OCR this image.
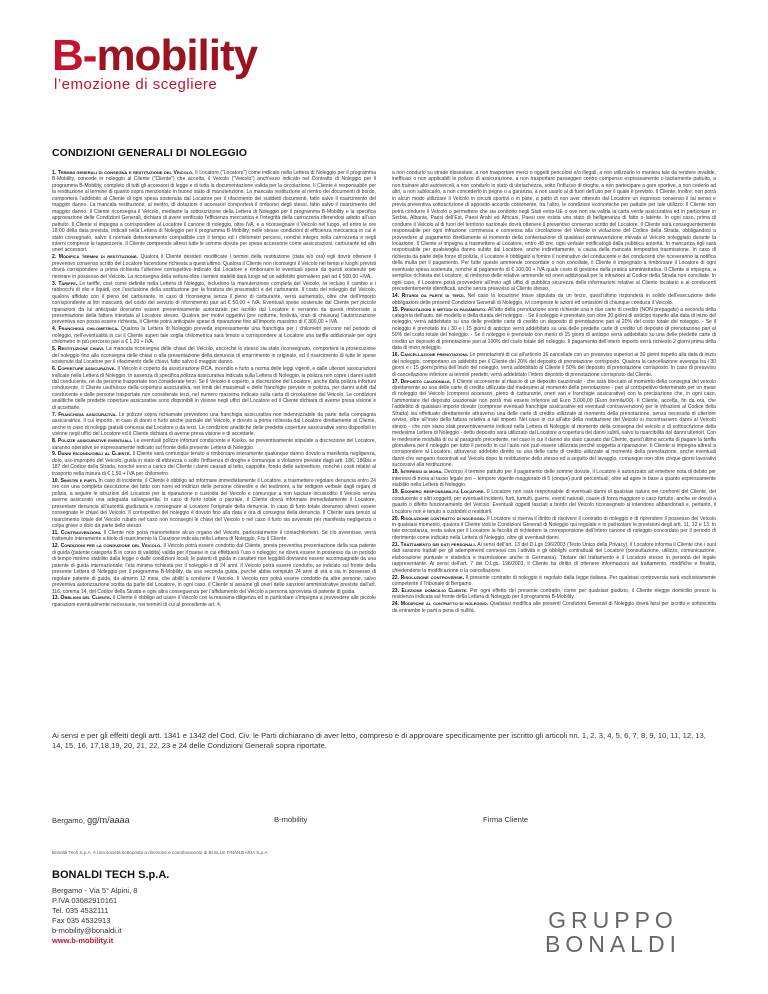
B-mobility
l’emozione di scegliere
CONDIZIONI GENERALI DI NOLEGGIO

1. Termini generali di consegna e restituzione del Veicolo. Il Locatore (“Locatore”) come indicato nella Lettera di Noleggio per il programma B-Mobility, concede in noleggio al Cliente (“Cliente”) che accetta, il Veicolo (“Veicolo”) anch’esso indicato nel Contratto di Noleggio per il programma B-Mobility, completo di tutti gli accessori di legge e di tutta la documentazione valida per la circolazione. Il Cliente è responsabile per la restituzione al termine di quanto sopra menzionato in buono stato di manutenzione. La mancata restituzione al rientro dei documenti di bordo, comporterà l’addebito al Cliente di ogni spesa sostenuta dal Locatore per il rifacimento dei suddetti documenti, fatto salvo il risarcimento del maggior danno. La mancata restituzione, al rientro, di dotazioni o accessori comporterà il rimborso degli stessi, fatto salvo il risarcimento del maggior danno. Il Cliente riconsegna il Veicolo, mediante la sottoscrizione della Lettera di Noleggio per il programma B-Mobility e la specifica approvazione delle Condizioni Generali, dichiara di avere verificato l’efficienza meccanica e l’integrità della carrozzeria riferendosi adatto all’uso pattuito. Il Cliente si impegna a corrispondere al Locatore il canone di noleggio, oltre IVA, e a riconsegnare il Veicolo nel luogo, ed entro le ore 18:00 della data prevista, indicati nella Lettera di Noleggio per il programma B-Mobility, nelle stesse condizioni di efficienza meccanica in cui è stato consegnato, salvo il normale deterioramento compatibile con il tempo ed i chilometri percorsi, nonché integro nella carrozzeria e negli interni comprese le tappezzerie. Il Cliente comprende altresì tutte le somme dovute per spese accessorie come assicurazioni, carburante ed altri oneri accessori.

2. Modifica termini di restituzione. Qualora il Cliente desideri modificare i termini della restituzione (data e/o ora) egli dovrà ottenere il preventivo consenso scritto del Locatore facendone richiesta a quest’ultimo. Qualora il Cliente non riconsegni il Veicolo nei tempi e luoghi previsti dovrà corrispondere a prima richiesta l’ulteriore corrispettivo indicato dal Locatore e rimborsare le eventuali spese da questi sostenute per rientrare in possesso del Veicolo. La riconsegna della vettura oltre i termini stabiliti darà luogo ad un addebito giornaliero pari ad € 500,00 +IVA.

3. Tariffe. Le tariffe, così come definite nella Lettera di Noleggio, includono la manutenzione completa del Veicolo, ivi incluso il cambio e i rabbocchi di olio e liquidi, con l’esclusione della sostituzione per la foratura dei pneumatici e del carburante. Il costo del noleggio del Veicolo, qualora affidato con il pieno del carburante, in caso di riconsegna senza il pieno di carburante, verrà aumentato, oltre che dell’importo corrispondente ai litri mancanti, del costo del servizio di rifornimento pari ad € 50,00 + IVA. Eventuali spese sostenute dal Cliente per piccole riparazioni da lui anticipate dovranno essere preventivamente autorizzate per iscritto dal Locatore e verranno da questi rimborsate a presentazione della fattura intestata al Locatore stesso. Qualora per motivi oggettivi (ore notturne, festività, orari di chiusura) l’autorizzazione preventiva non possa essere richiesta, il Cliente potrà anticipare spese di riparazione fino all’importo massimo di € 300,00 + IVA.

4. Franchigia chilometrica. Qualora la Lettera di Noleggio preveda espressamente una franchigia per i chilometri percorsi nel periodo di noleggio, nell’eventualità in cui il Cliente superi tale soglia chilometrica sarà tenuto a corrispondere al Locatore una tariffa addizionale per ogni chilometro in più percorso pari a € 1,20 + IVA.

5. Restituzione chiavi. La mancata riconsegna delle chiavi del Veicolo, ancorché lo stesso sia stato riconsegnato, comporterà la prosecuzione del noleggio fino alla riconsegna delle chiavi o alla presentazione della denuncia di smarrimento in originale, ed il risarcimento di tutte le spese sostenute dal Locatore per il rifacimento delle chiavi, fatto salvo il maggior danno.

6. Coperture assicurative. Il Veicolo è coperto da assicurazione RCA, incendio e furto a norma delle leggi vigenti, e dalle ulteriori assicurazioni indicate nella Lettera di Noleggio. In assenza di specifica polizza assicurativa indicata sulla Lettera di Noleggio, la polizza non copre i danni subiti dal conducente, né da persone trasportate non considerate terzi. Se il Veicolo è coperto, a discrezione del Locatore, anche dalla polizza infortuni conducente, il Cliente usufruisce della copertura assicurativa, nei limiti dei massimali e delle franchigie previste in polizza, per danni subiti dal conducente e dalle persone trasportate non considerate terzi, nel numero massimo indicato sulla carta di circolazione del Veicolo. Le condizioni analitiche delle predette coperture assicurative sono disponibili in visione negli uffici del Locatore ed il Cliente dichiara di averne presa visione e di accettarle.

7. Franchigia assicurativa. Le polizze sopra richiamate prevedono una franchigia assicurativa non indennizzabile da parte della compagnia assicuratrice, il cui importo, in caso di danni o furto anche parziale del Veicolo, è dovuto a prima richiesta dal Locatore direttamente al Cliente, anche in caso di noleggi gratuiti concessi dal Locatore o da terzi. Le condizioni analitiche delle predette coperture assicurative sono disponibili in visione negli uffici del Locatore ed il Cliente dichiara di averne presa visione e di accettarle.

8. Polizze assicurative eventuali. Le eventuali polizze infortuni conducente e Kasko, se preventivamente stipulate a discrezione del Locatore, saranno operative se espressamente indicato sul fronte della presente Lettera di Noleggio.

9. Danni riconducibili al Cliente. Il Cliente sarà comunque tenuto a rimborsare interamente qualunque danno dovuto a manifesta negligenza, dolo, uso improprio del Veicolo, guida in stato di ebbrezza o sotto l’influenza di droghe e comunque a violazioni previste dagli artt. 186, 186bis e 187 del Codice della Strada, nonché sono a carico del Cliente i danni causati al tetto, cappotte, fondo delle autovetture, nonché i costi relativi al trasporto nella misura di € 1,50 + IVA per chilometro.

10. Sinistri e furti. In caso di incidente, il Cliente è obbligo ad informare immediatamente il Locatore, a trasmettere regolare denuncia entro 24 ore con una completa descrizione del fatto con nomi ed indirizzi delle persone coinvolte e dei testimoni, a far redigere verbale dagli organi di polizia, a seguire le istruzioni del Locatore per la riparazione o custodia del Veicolo e comunque a non lasciare incustodito il Veicolo senza averne assicurato una adeguata salvaguardia. In caso di furto totale o parziale, il Cliente dovrà informare immediatamente il Locatore, presentare denuncia all’autorità giudiziaria e consegnare al Locatore l’originale della denuncia. In caso di furto totale dovranno altresì essere consegnate le chiavi del Veicolo. Il corrispettivo del noleggio è dovuto fino alla data e ora di consegna della denuncia. Il Cliente sarà tenuto al risarcimento totale del Veicolo rubato nel caso non riconsegni le chiavi del Veicolo o nel caso il furto sia avvenuto per manifesta negligenza o colpa grave o dolo da parte dello stesso.

11. Contravvenzioni. Il Cliente non potrà manomettere alcun organo del Veicolo, particolarmente il contachilometri. Se ciò avvenisse, verrà trattenuto interamente a titolo di risarcimento la Cauzione indicata nella Lettera di Noleggio, F.to il Cliente

12. Condizioni per la conduzione del Veicolo. Il Veicolo potrà essere condotto dal Cliente, previa preventiva presentazione della sua patente di guida (patente categoria B in corso di validità) valida per il paese in cui effettuerà l’uso o noleggio; ne dovrà essere in possesso da un periodo di tempo minimo stabilito dalla legge o dalle condizioni locali; le patenti di guida in caratteri non leggibili dovranno essere accompagnate da una patente di guida internazionale; l’età minima richiesta per il noleggio è di 24 anni. Il Veicolo potrà essere condotto, se indicato sul fronte della presente Lettera di Noleggio per il programma B-Mobility, da una seconda guida, purché abbia compiuto 24 anni di età e sia in possesso di regolare patente di guida, da almeno 12 mesi, che abiliti a condurre il Veicolo. Il Veicolo non potrà essere condotto da altre persone, salvo preventiva autorizzazione scritta da parte del Locatore, in ogni caso, il Cliente si assume gli oneri delle sanzioni amministrative previste dall’art. 116, comma 14, del Codice della Strada e ogni altra conseguenza per l’affidamento del Veicolo a persona sprovvista di patente di guida.

13. Obblighi del Cliente. Il Cliente è obbligo ad usare il Veicolo con la massima diligenza ed in particolare s’impegna a provvedere alle piccole riparazioni eventualmente necessarie, nei termini di cui al precedente art. 4,

a non condurlo su strade dissestate, a non trasportare merci o oggetti pericolosi e/o illegali, a non utilizzarlo in maniera tale da rendere invalide, inefficaci o non applicabili le polizze di assicurazione, a non trasportare passeggeri contro compenso espressamente o tacitamente pattuito, a non trainare altri autoveicoli, a non condurlo in stato di ubriachezza, sotto l’influsso di droghe, a non partecipare a gare sportive, a non cederlo ad altri, a non sublocarlo, a non concederlo in pegno o a garanzia, a non usarlo al di fuori dell’uso per il quale è previsto. Il Cliente, inoltre, non potrà in alcun modo utilizzare il Veicolo in circuiti sportivi o in piste, a patto di non aver ottenuto dal Locatore un espresso consenso il tal senso e previa preventiva sottoscrizione di apposito accordo contenente, tra l’altro, le condizioni economiche per pattuite per tale utilizzo. Il Cliente non potrà condurre il Veicolo o permettere che sia condotto negli Stati extra-UE o ove non sia valida la carta verde assicurativa ed in particolare in Serbia, Albania, Paesi dell’Est, Paesi Arabi ed Africani, Paesi ove esista uno stato di belligeranza di fatto o latente. In ogni caso, prima di condurre il Veicolo al di fuori del territorio nazionale dovrà ottenere il preventivo consenso scritto del Locatore. Il Cliente sarà conseguentemente responsabile per ogni infrazione commessa e connessa alla circolazione del Veicolo in violazione del Codice della Strada, obbligandosi a provvedere al pagamento direttamente al momento della contestazione di qualsiasi contravvenzione elevata al Veicolo noleggiato durante la locazione. Il Cliente si impegna a trasmettere al Locatore, entro 48 ore, ogni verbale notificatogli dalla pubblica autorità. In mancanza egli sarà responsabile per qualsivoglia danno subito dal Locatore, anche indirettamente, a causa della mancata tempestiva trasmissione. In caso di richiesta da parte delle forze di polizia, il Locatore è obbligato a fornire il nominativo del conducente e dei conducenti che riceveranno la notifica della multa per il pagamento. Per tutte queste ammende concordate o non conciliate, il Cliente è impegnato a rimborsare il Locatore di ogni eventuale spesa sostenuta, nonché al pagamento di € 100,00 + IVA quale costo di gestione della pratica amministrativa. Il Cliente si impegna, a semplice richiesta del Locatore, al rimborso delle relative ammende ed oneri addizionali per le infrazioni al Codice della Strada non conciliate. In ogni caso, il Locatore potrà provvedere all’invio agli uffici di pubblica sicurezza delle informazioni relative al Cliente locatario e ai conducenti precedentemente identificati, anche senza preavviso al Cliente stesso.

14. Ritardi da parte di terzi. Nel caso la locazione fosse stipulata da un terzo, quest’ultimo risponderà in solido dell’esecuzione delle obbligazioni delle presenti Condizioni Generali di Noleggio, ivi comprese le azioni ed omissioni di chiunque conduca il Veicolo.

15. Prenotazioni e metodi di pagamento. All’atto della prenotazione sono richieste una o due carte di credito (NON prepagate) a seconda della categoria dell’auto, del modello e della durata del noleggio. - Se il noleggio è prenotato con oltre 30 giorni di anticipo rispetto alla data di inizio del noleggio, verrà addebitato su una delle predette carte di credito un deposito di prenotazione pari al 20% del costo totale del noleggio. - Se il noleggio è prenotato tra i 30 e i 15 giorni di anticipo verrà addebitato su una delle predette carte di credito un deposito di prenotazione pari al 50% del costo totale del noleggio. - Se il noleggio è prenotato con meno di 15 giorni di anticipo verrà addebitato su una delle predette carte di credito un deposito di prenotazione pari al 100% del costo totale del noleggio. Il pagamento dell’intero importo verrà richiesto 2 giorni prima della data di inizio noleggio.

16. Cancellazione prenotazioni. Le prenotazioni di cui all’articolo 16 cancellate con un preavviso superiori ai 30 giorni rispetto alla data di inizio del noleggio, comportano un addebito per il Cliente del 20% del deposito di prenotazione corrisposto. Qualora la cancellazione avvenga tra i 30 giorni e i 15 giorni prima dell’inizio del noleggio, verrà addebitato al Cliente il 50% del deposito di prenotazione corrisposto. In caso di preavviso di cancellazione inferiore ai termini predetti, verrà addebitato l’intero deposito di prenotazione corrisposto dal Cliente.

17. Deposito cauzionale. Il Cliente acconsente al rilascio di un deposito cauzionale - che sarà bloccato al momento della consegna del veicolo direttamente su una delle carte di credito utilizzate dal medesimo al momento della prenotazione - pari al corrispettivo determinato per un mese di noleggio del Veicolo (compresi accessori, pieno di carburante, oneri vari e franchigie assicurative) con la precisazione che, in ogni caso, l’ammontare del deposito cauzionale non potrà mai essere inferiore ad Euro 3.000,00 (Euro tremila/00). Il Cliente, accetta, fin da ora, che l’addebito di qualsiasi importo dovuto (comprese eventuali franchigie assicurative ed eventuali contravvenzioni) per le infrazioni al Codice della Strada) sia effettuato direttamente attraverso una delle carte di credito utilizzate al momento della prenotazione, senza necessità di ulteriore avviso, oltre all’invio della fattura relativa a tali importi. Nel caso in cui all’atto della restituzione del Veicolo si riscontrassero danni al Veicolo stesso - che non siano stati preventivamente indicati nella Lettera di Noleggio al momento della consegna del veicolo e di sottoscrizione della medesima Lettera di Noleggio - detto deposito sarà utilizzato dal Locatore a copertura dei danni subiti, salvo la risarcibilità del danni ulteriori. Con le medesime modalità di cu al paragrafo precedente, nel caso in cui il danno sia stato causato dal Cliente, quest’ultimo accetta di pagare la tariffa giornaliera per il noleggio per tutto il periodo in cui l’auto non può essere utilizzata perché soggetta a riparazione. Il Cliente si impegna altresì a corrispondere al Locatore, attraverso addebito diretto su una delle carte di credito utilizzate al momento della prenotazione, anche eventuali danni che vengano riscontrati sul Veicolo dopo la restituzione dello stesso ed a seguito del lavaggio, comunque non oltre cinque giorni lavorativi successivi alla restituzione.

18. Interessi di mora. Decorso il termine pattuito per il pagamento delle somme dovute, il Locatore è autorizzato ad emettere nota di debito per interessi di mora al tasso legale pro – tempore vigente maggiorato di 5 (cinque) punti percentuali, oltre ad agire in base a quanto espressamente stabilito nella Lettera di Noleggio.

19. Esonero responsabilità Locatore. Il Locatore non sarà responsabile di eventuali danni di qualsiasi natura nei confronti del Cliente, del conducente o altri soggetti, per eventuali incidenti, furti, tumulti, guerre, eventi naturali, cause di forza maggiore o caso fortuito, anche se dovuti a guasto o difetto funzionamento del Veicolo. Eventuali oggetti lasciati a bordo del Veicolo riconsegnato si intendono abbandonati e, pertanto, il Locatore non è tenuto a custodirli o restituirli.

20. Risoluzione contratto di noleggio. Il Locatore si riserva il diritto di risolvere il contratto di noleggio e di riprendere il possesso del Veicolo in qualsiasi momento, qualora il Cliente violi le Condizioni Generali di Noleggio qui regolate e in particolare le previsioni degli artt. 11, 12 e 13. In tale circostanza, resta salva per il Locatore la facoltà di richiedere la corresponsione dell’intero canone di noleggio concordato per il periodo di riferimento come indicato nella Lettera di Noleggio, oltre gli eventuali danni.

21. Trattamento dei dati personali. Ai sensi dell’art. 13 del D.Lgs 196/2003 (Testo Unico della Privacy), il Locatore informa il Cliente che i suoi dati saranno trattati per gli adempimenti connessi con l’attività e gli obblighi contrattuali del Locatore (consultazione, utilizzo, comunicazione, elaborazione puntuale e statistica e trasmissione anche in Germania). Titolare del trattamento è il Locatore stesso in persona del legale rappresentante. Ai sensi dell’art. 7 del D.Lgs. 196/2003, il Cliente ha diritto di ottenere informazioni sul trattamento, modifiche e finalità, chiedendone la modificazione o la cancellazione.

22. Risoluzione controversie. Il presente contratto di noleggio è regolato dalla legge italiana. Per qualsiasi controversia sarà esclusivamente competente il Tribunale di Bergamo.

23. Elezione domicilio Cliente. Per ogni effetto del presente contratto, come per qualsiasi giudizio, il Cliente elegge domicilio presso la residenza indicata sul fronte della Lettera di Noleggio per il programma B-Mobility.

24. Modifiche al contratto di noleggio. Qualsiasi modifica alle presenti Condizioni Generali di Noleggio dovrà farsi per iscritto e sottoscritta da entrambe le parti a pena di nullità.

Ai sensi e per gli effetti degli artt. 1341 e 1342 del Cod. Civ. le Parti dichiarano di aver letto, compreso e di approvare specificamente per iscritto gli articoli nn. 1, 2, 3, 4, 5, 6, 7, 8, 9, 10, 11, 12, 13, 14, 15, 16, 17,18,19, 20, 21, 22, 23 e 24 delle Condizioni Generali sopra riportate.
Bergamo, gg/m/aaaa	B-mobility	Firma Cliente
Bonaldi Tech S.p.A. è una società sottoposta a direzione e coordinamento di BI.ELLE FINANZIARIA S.p.A.
BONALDI TECH S.p.A.
Bergamo - Via 5° Alpini, 8
P.IVA 03082910161
Tel. 035 4532111
Fax 035 4532913
b-mobility@bonaldi.it
www.b-mobility.it
GRUPPO
BONALDI
